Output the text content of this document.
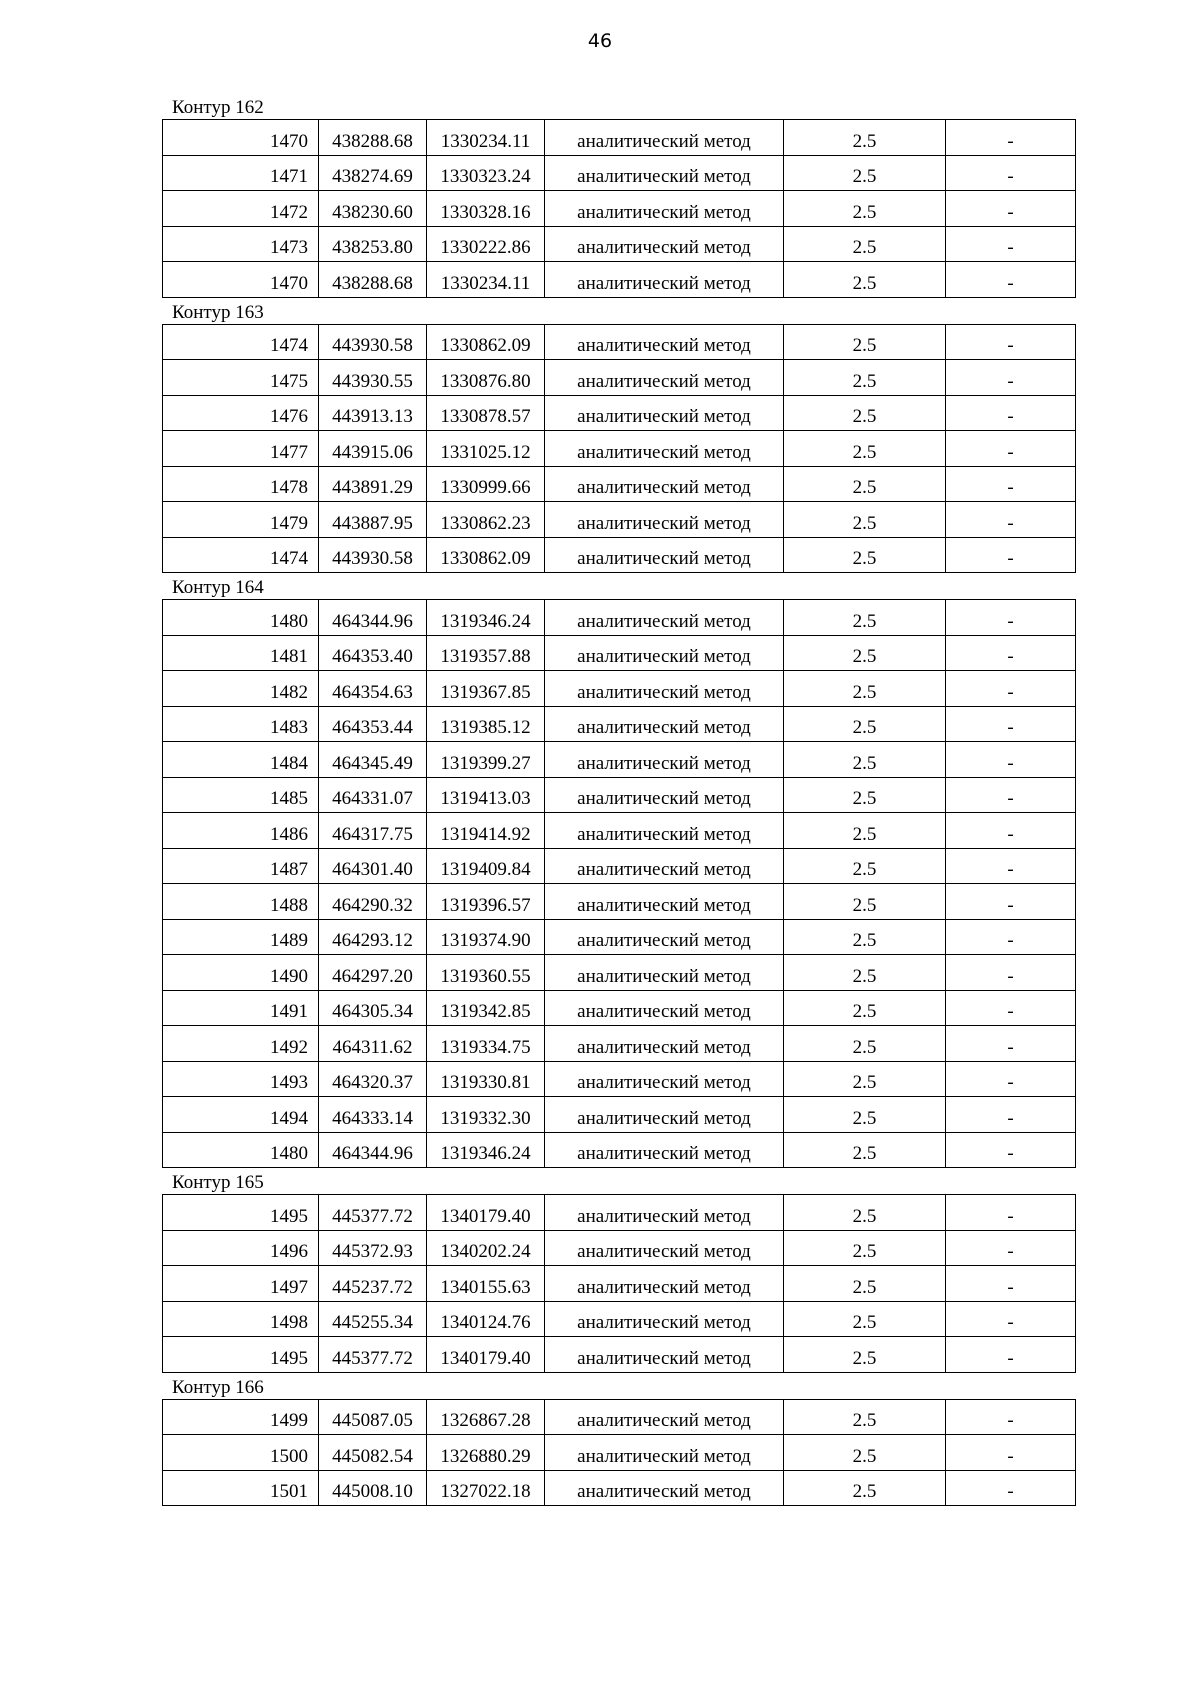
46
Контур 162
1470	438288.68	1330234.11	аналитический метод	2.5	-
1471	438274.69	1330323.24	аналитический метод	2.5	-
1472	438230.60	1330328.16	аналитический метод	2.5	-
1473	438253.80	1330222.86	аналитический метод	2.5	-
1470	438288.68	1330234.11	аналитический метод	2.5	-
Контур 163
1474	443930.58	1330862.09	аналитический метод	2.5	-
1475	443930.55	1330876.80	аналитический метод	2.5	-
1476	443913.13	1330878.57	аналитический метод	2.5	-
1477	443915.06	1331025.12	аналитический метод	2.5	-
1478	443891.29	1330999.66	аналитический метод	2.5	-
1479	443887.95	1330862.23	аналитический метод	2.5	-
1474	443930.58	1330862.09	аналитический метод	2.5	-
Контур 164
1480	464344.96	1319346.24	аналитический метод	2.5	-
1481	464353.40	1319357.88	аналитический метод	2.5	-
1482	464354.63	1319367.85	аналитический метод	2.5	-
1483	464353.44	1319385.12	аналитический метод	2.5	-
1484	464345.49	1319399.27	аналитический метод	2.5	-
1485	464331.07	1319413.03	аналитический метод	2.5	-
1486	464317.75	1319414.92	аналитический метод	2.5	-
1487	464301.40	1319409.84	аналитический метод	2.5	-
1488	464290.32	1319396.57	аналитический метод	2.5	-
1489	464293.12	1319374.90	аналитический метод	2.5	-
1490	464297.20	1319360.55	аналитический метод	2.5	-
1491	464305.34	1319342.85	аналитический метод	2.5	-
1492	464311.62	1319334.75	аналитический метод	2.5	-
1493	464320.37	1319330.81	аналитический метод	2.5	-
1494	464333.14	1319332.30	аналитический метод	2.5	-
1480	464344.96	1319346.24	аналитический метод	2.5	-
Контур 165
1495	445377.72	1340179.40	аналитический метод	2.5	-
1496	445372.93	1340202.24	аналитический метод	2.5	-
1497	445237.72	1340155.63	аналитический метод	2.5	-
1498	445255.34	1340124.76	аналитический метод	2.5	-
1495	445377.72	1340179.40	аналитический метод	2.5	-
Контур 166
1499	445087.05	1326867.28	аналитический метод	2.5	-
1500	445082.54	1326880.29	аналитический метод	2.5	-
1501	445008.10	1327022.18	аналитический метод	2.5	-
